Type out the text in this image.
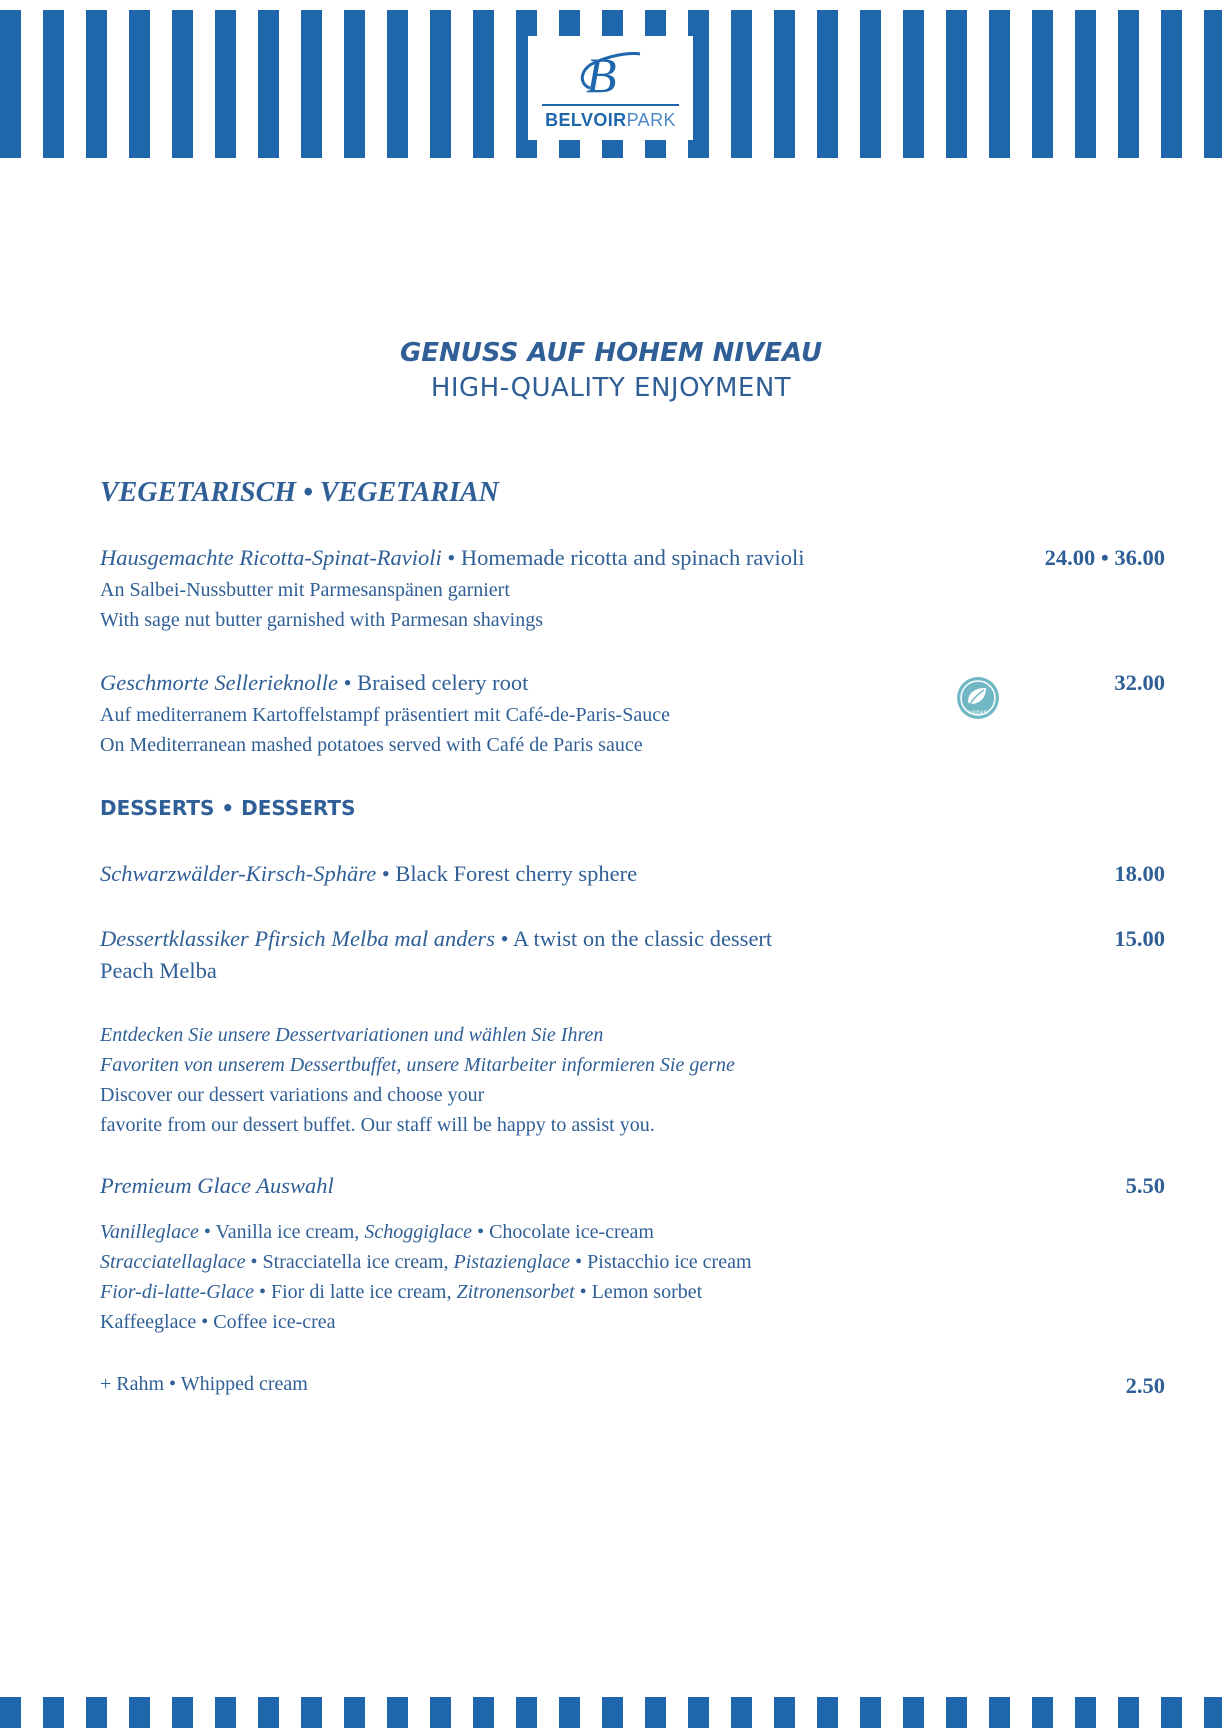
B
BELVOIRPARK
GENUSS AUF HOHEM NIVEAU
HIGH-QUALITY ENJOYMENT
VEGETARISCH • VEGETARIAN
Hausgemachte Ricotta-Spinat-Ravioli • Homemade ricotta and spinach ravioli
An Salbei-Nussbutter mit Parmesanspänen garniert
With sage nut butter garnished with Parmesan shavings
24.00 • 36.00
Geschmorte Sellerieknolle • Braised celery root
Auf mediterranem Kartoffelstampf präsentiert mit Café-de-Paris-Sauce
On Mediterranean mashed potatoes served with Café de Paris sauce
32.00
vegan
DESSERTS • DESSERTS
Schwarzwälder-Kirsch-Sphäre • Black Forest cherry sphere	18.00
Dessertklassiker Pfirsich Melba mal anders • A twist on the classic dessert
Peach Melba
15.00
Entdecken Sie unsere Dessertvariationen und wählen Sie Ihren
Favoriten von unserem Dessertbuffet, unsere Mitarbeiter informieren Sie gerne
Discover our dessert variations and choose your
favorite from our dessert buffet. Our staff will be happy to assist you.
Premieum Glace Auswahl	5.50
Vanilleglace • Vanilla ice cream, Schoggiglace • Chocolate ice-cream
Stracciatellaglace • Stracciatella ice cream, Pistazienglace • Pistacchio ice cream
Fior-di-latte-Glace • Fior di latte ice cream, Zitronensorbet • Lemon sorbet
Kaffeeglace • Coffee ice-crea
+ Rahm • Whipped cream	2.50
